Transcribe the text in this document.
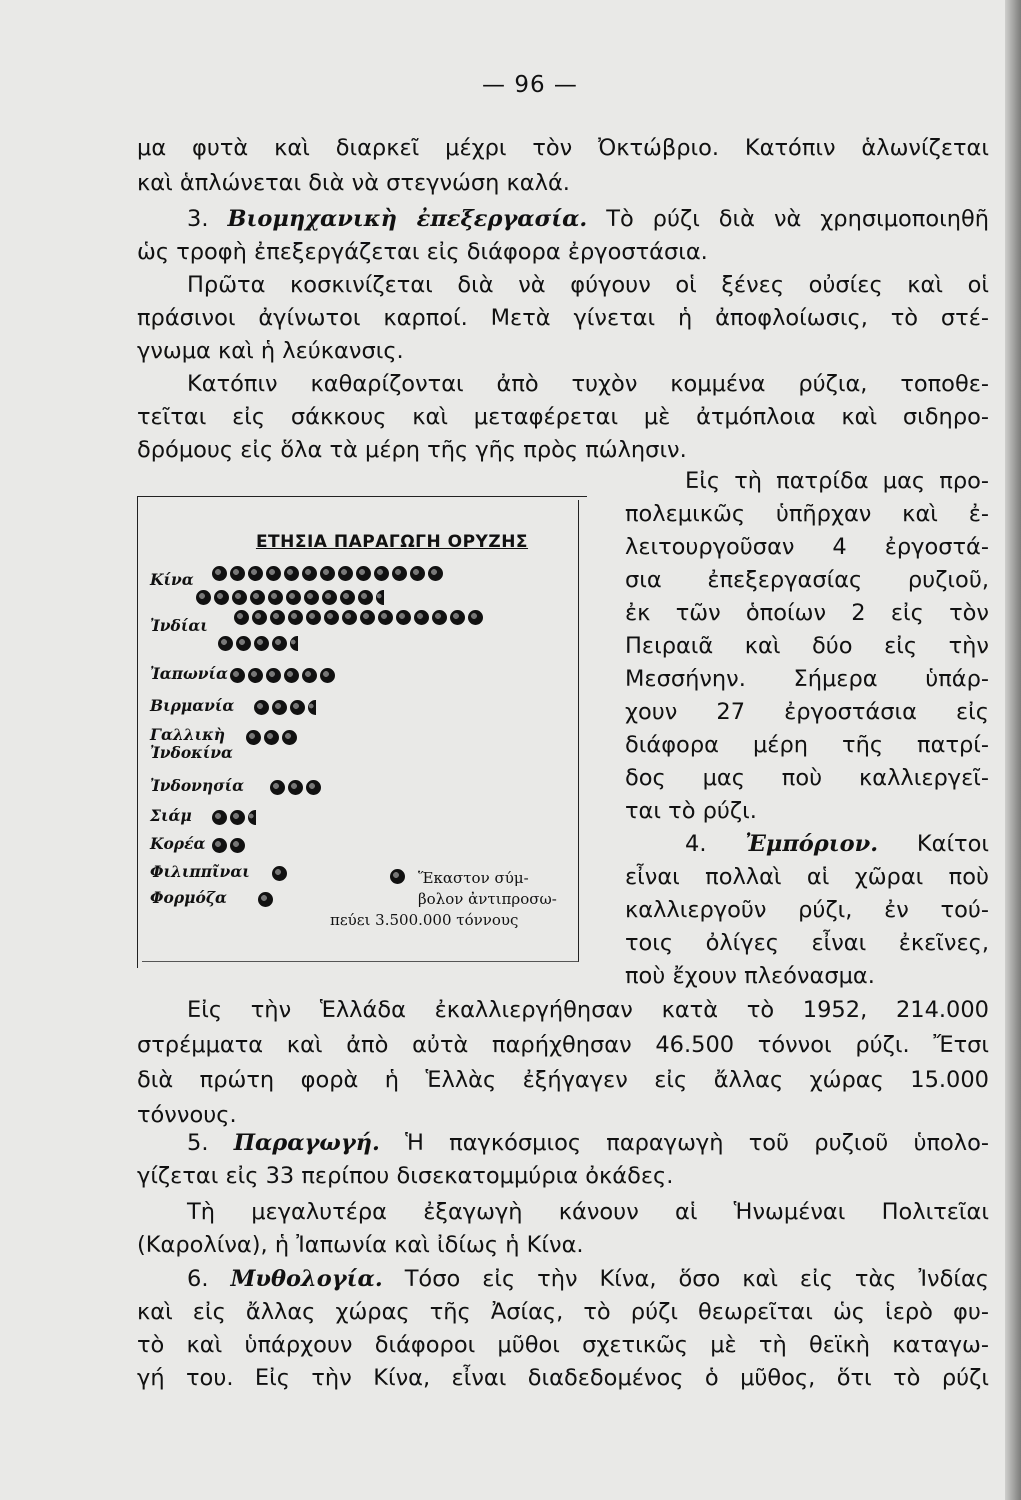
— 96 —
μα φυτὰ καὶ διαρκεῖ μέχρι τὸν Ὀκτώβριο. Κατόπιν ἁλωνίζεται
καὶ ἁπλώνεται διὰ νὰ στεγνώση καλά.
3. Βιομηχανικὴ ἐπεξεργασία. Τὸ ρύζι διὰ νὰ χρησιμοποιηθῆ
ὡς τροφὴ ἐπεξεργάζεται εἰς διάφορα ἐργοστάσια.
Πρῶτα κοσκινίζεται διὰ νὰ φύγουν οἱ ξένες οὐσίες καὶ οἱ
πράσινοι ἀγίνωτοι καρποί. Μετὰ γίνεται ἡ ἀποφλοίωσις, τὸ στέ-
γνωμα καὶ ἡ λεύκανσις.
Κατόπιν καθαρίζονται ἀπὸ τυχὸν κομμένα ρύζια, τοποθε-
τεῖται εἰς σάκκους καὶ μεταφέρεται μὲ ἀτμόπλοια καὶ σιδηρο-
δρόμους εἰς ὅλα τὰ μέρη τῆς γῆς πρὸς πώλησιν.
Εἰς τὴ πατρίδα μας προ-
πολεμικῶς ὑπῆρχαν καὶ ἐ-
λειτουργοῦσαν 4 ἐργοστά-
σια ἐπεξεργασίας ρυζιοῦ,
ἐκ τῶν ὁποίων 2 εἰς τὸν
Πειραιᾶ καὶ δύο εἰς τὴν
Μεσσήνην. Σήμερα ὑπάρ-
χουν 27 ἐργοστάσια εἰς
διάφορα μέρη τῆς πατρί-
δος μας ποὺ καλλιεργεῖ-
ται τὸ ρύζι.
4. Ἐμπόριον. Καίτοι
εἶναι πολλαὶ αἱ χῶραι ποὺ
καλλιεργοῦν ρύζι, ἐν τού-
τοις ὀλίγες εἶναι ἐκεῖνες,
ποὺ ἔχουν πλεόνασμα.
ΕΤΗΣΙΑ ΠΑΡΑΓΩΓΗ ΟΡΥΖΗΣ
Κίνα
Ἰνδίαι
Ἰαπωνία
Βιρμανία
Γαλλικὴ
Ἰνδοκίνα
Ἰνδονησία
Σιάμ
Κορέα
Φιλιππῖναι
Φορμόζα

Ἕκαστον σύμ-

βολον ἀντιπροσω-

πεύει 3.500.000 τόννους

Εἰς τὴν Ἑλλάδα ἐκαλλιεργήθησαν κατὰ τὸ 1952, 214.000
στρέμματα καὶ ἀπὸ αὐτὰ παρήχθησαν 46.500 τόννοι ρύζι. Ἔτσι
διὰ πρώτη φορὰ ἡ Ἑλλὰς ἐξήγαγεν εἰς ἄλλας χώρας 15.000
τόννους.
5. Παραγωγή. Ἡ παγκόσμιος παραγωγὴ τοῦ ρυζιοῦ ὑπολο-
γίζεται εἰς 33 περίπου δισεκατομμύρια ὀκάδες.
Τὴ μεγαλυτέρα ἐξαγωγὴ κάνουν αἱ Ἡνωμέναι Πολιτεῖαι
(Καρολίνα), ἡ Ἰαπωνία καὶ ἰδίως ἡ Κίνα.
6. Μυθολογία. Τόσο εἰς τὴν Κίνα, ὅσο καὶ εἰς τὰς Ἰνδίας
καὶ εἰς ἄλλας χώρας τῆς Ἀσίας, τὸ ρύζι θεωρεῖται ὡς ἱερὸ φυ-
τὸ καὶ ὑπάρχουν διάφοροι μῦθοι σχετικῶς μὲ τὴ θεϊκὴ καταγω-
γή του. Εἰς τὴν Κίνα, εἶναι διαδεδομένος ὁ μῦθος, ὅτι τὸ ρύζι
